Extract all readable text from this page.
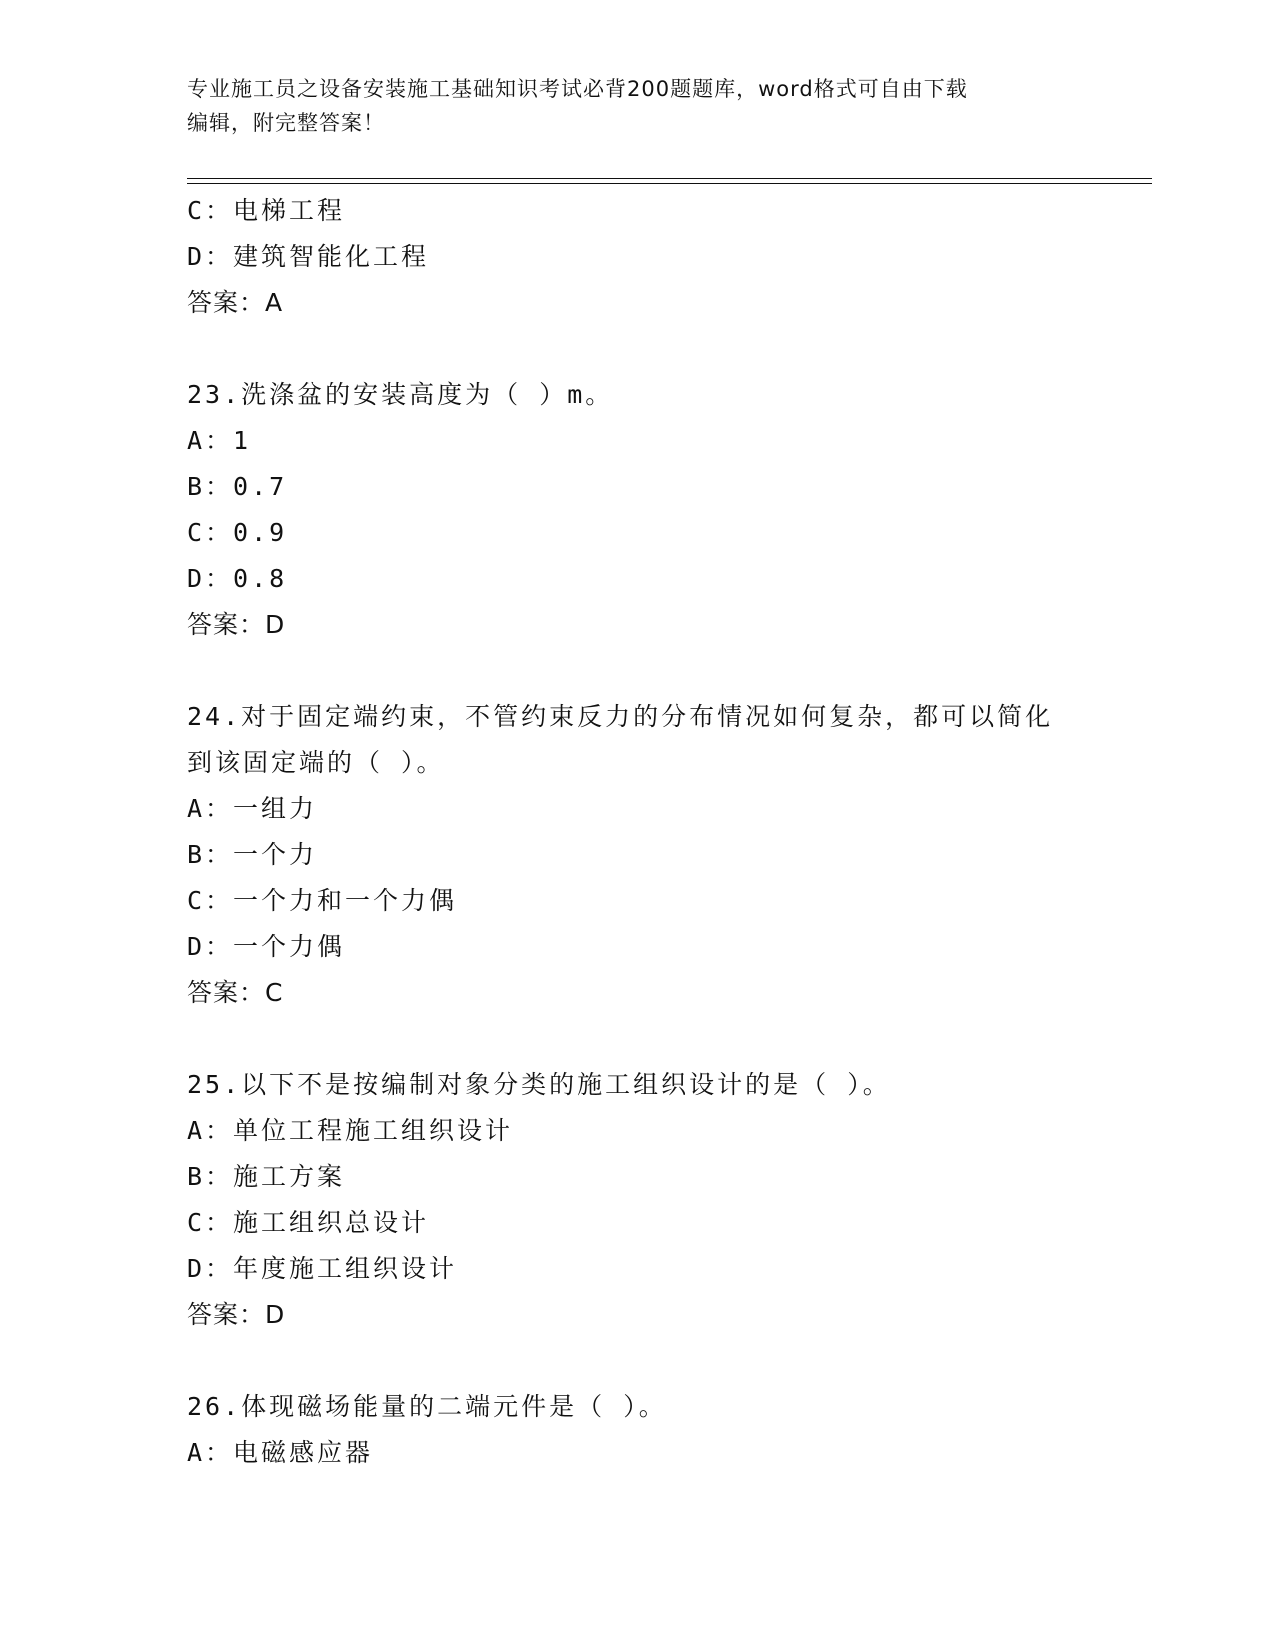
专业施工员之设备安装施工基础知识考试必背200题题库，word格式可自由下载
编辑，附完整答案！
C：电梯工程
D：建筑智能化工程
答案：A
23.洗涤盆的安装高度为（ ）m。
A：1
B：0.7
C：0.9
D：0.8
答案：D
24.对于固定端约束，不管约束反力的分布情况如何复杂，都可以简化
到该固定端的（ ）。
A：一组力
B：一个力
C：一个力和一个力偶
D：一个力偶
答案：C
25.以下不是按编制对象分类的施工组织设计的是（ ）。
A：单位工程施工组织设计
B：施工方案
C：施工组织总设计
D：年度施工组织设计
答案：D
26.体现磁场能量的二端元件是（ ）。
A：电磁感应器
